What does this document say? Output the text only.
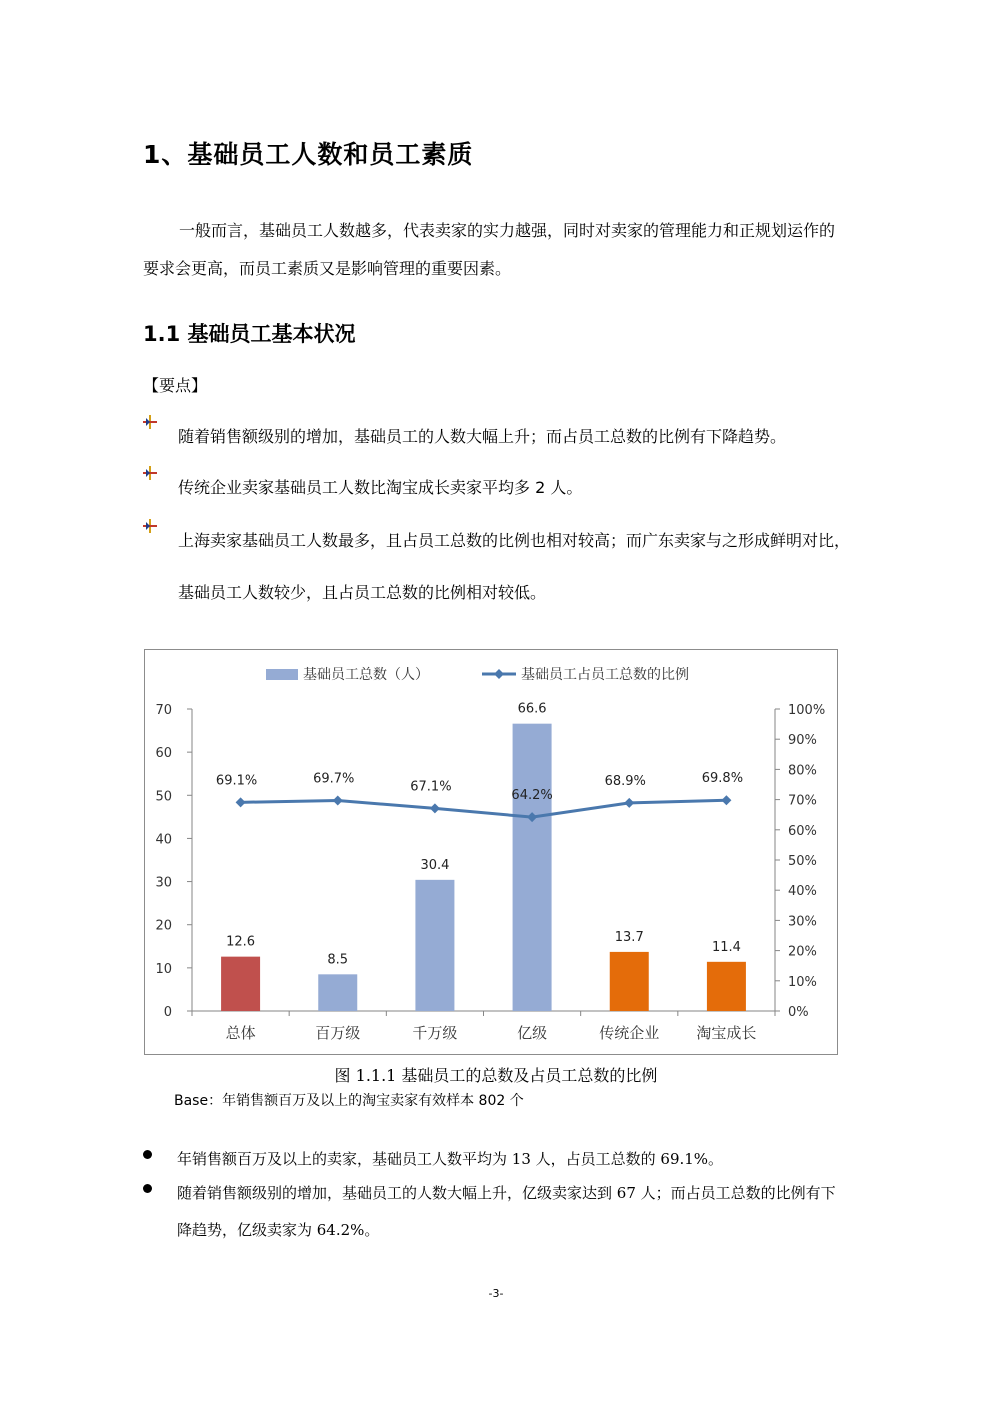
1、基础员工人数和员工素质
一般而言，基础员工人数越多，代表卖家的实力越强，同时对卖家的管理能力和正规划运作的要求会更高，而员工素质又是影响管理的重要因素。
1.1 基础员工基本状况
【要点】
随着销售额级别的增加，基础员工的人数大幅上升；而占员工总数的比例有下降趋势。
传统企业卖家基础员工人数比淘宝成长卖家平均多 2 人。
上海卖家基础员工人数最多，且占员工总数的比例也相对较高；而广东卖家与之形成鲜明对比，基础员工人数较少，且占员工总数的比例相对较低。
基础员工总数（人）	基础员工占员工总数的比例
0
10
20
30
40
50
60
70
0%
10%
20%
30%
40%
50%
60%
70%
80%
90%
100%
总体	百万级	千万级	亿级	传统企业 淘宝成长
12.6
8.5
30.4
66.6
13.7
11.4
69.1%	69.7%
67.1%
64.2%
68.9%	69.8%
图 1.1.1 基础员工的总数及占员工总数的比例
Base：年销售额百万及以上的淘宝卖家有效样本 802 个
年销售额百万及以上的卖家，基础员工人数平均为 13 人，占员工总数的 69.1%。
随着销售额级别的增加，基础员工的人数大幅上升，亿级卖家达到 67 人；而占员工总数的比例有下降趋势，亿级卖家为 64.2%。
-3-
